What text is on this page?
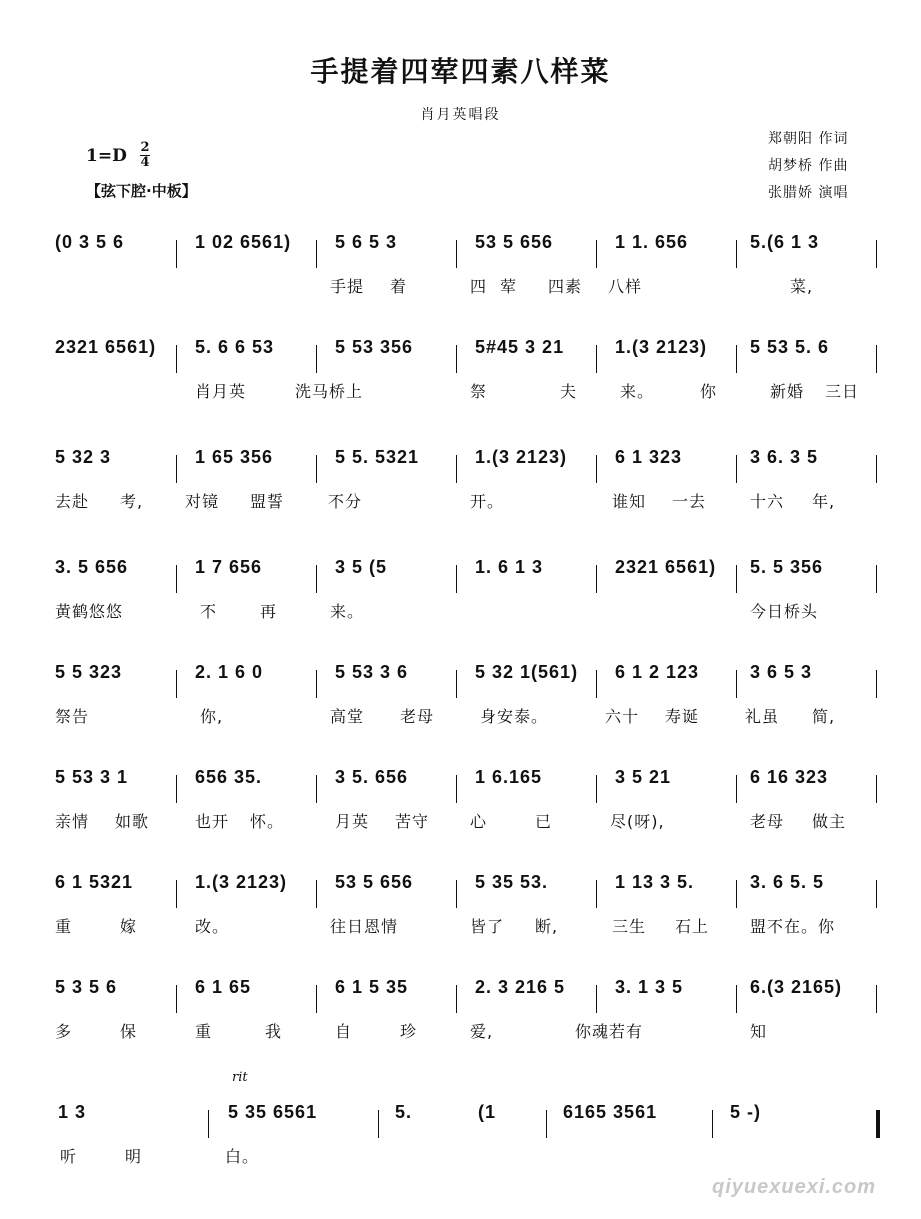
手提着四荤四素八样菜
肖月英唱段
1=D 2
4
【弦下腔·中板】
郑朝阳 作词
胡梦桥 作曲
张腊娇 演唱
(0 3 5 6	1 02 6561) 5 6 5 3	53 5 656	1 1. 656	5.(6 1 3
手提 着	四 荤 四素 八样	菜,
2321 6561) 5. 6 6 53	5 53 356	5#45 3 21	1.(3 2123) 5 53 5. 6
肖月英	洗马桥上	祭	夫	来。	你	新婚 三日
5 32 3	1 65 356	5 5. 5321	1.(3 2123)	6 1 323	3 6. 3 5
去赴 考,	对镜 盟誓	不分	开。	谁知 一去	十六 年,
3. 5 656	1 7 656	3 5 (5	1. 6 1 3	2321 6561) 5. 5 356
黄鹤悠悠	不	再	来。	今日桥头
5 5 323	2. 1 6 0	5 53 3 6	5 32 1(561) 6 1 2 123	3 6 5 3
祭告	你,	高堂 老母	身安泰。	六十 寿诞	礼虽 简,
5 53 3 1	656 35.	3 5. 656	1 6.165	3 5 21	6 16 323
亲情 如歌	也开 怀。	月英 苦守	心	已	尽(呀),	老母 做主
6 1 5321	1.(3 2123)	53 5 656	5 35 53.	1 13 3 5.	3. 6 5. 5
重	嫁	改。	往日恩情	皆了 断,	三生 石上	盟不在。你
5 3 5 6	6 1 65	6 1 5 35	2. 3 216 5	3. 1 3 5	6.(3 2165)
多	保	重	我	自	珍	爱,	你魂若有	知
1 3	5 35 6561	5.	(1	6165 3561	5 -)
听	明	白。
rit
qiyuexuexi.com
